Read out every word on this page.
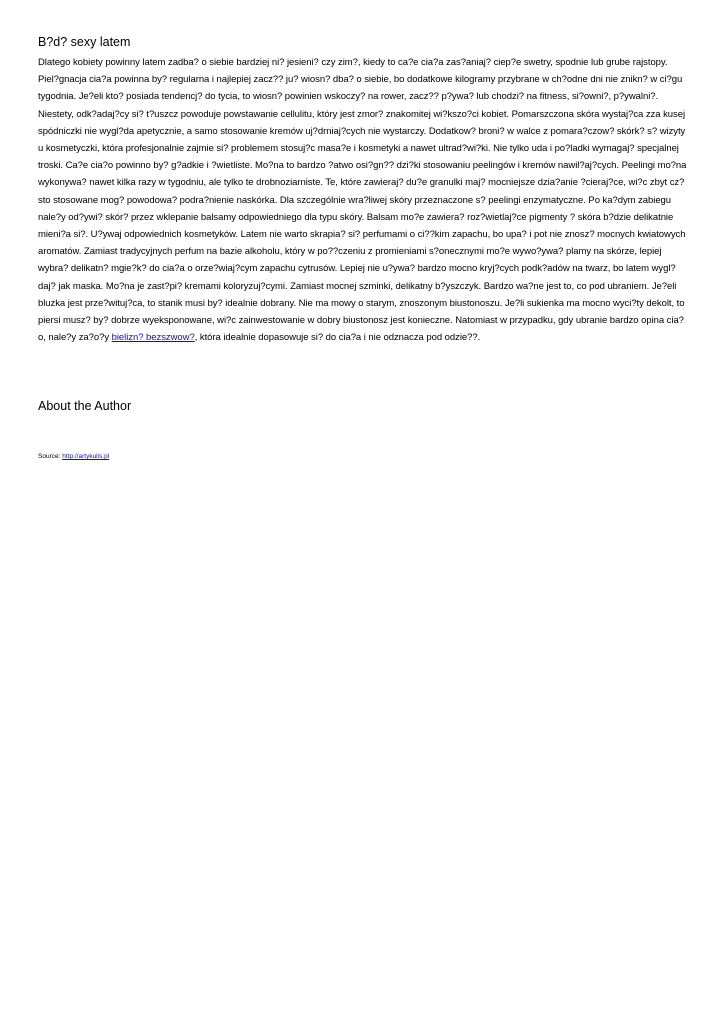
B?d? sexy latem

Dlatego kobiety powinny latem zadba? o siebie bardziej ni? jesieni? czy zim?, kiedy to ca?e cia?a zas?aniaj? ciep?e swetry, spodnie lub grube rajstopy. Piel?gnacja cia?a powinna by? regularna i najlepiej zacz?? ju? wiosn? dba? o siebie, bo dodatkowe kilogramy przybrane w ch?odne dni nie znikn? w ci?gu tygodnia. Je?eli kto? posiada tendencj? do tycia, to wiosn? powinien wskoczy? na rower, zacz?? p?ywa? lub chodzi? na fitness, si?owni?, p?ywalni?. Niestety, odk?adaj?cy si? t?uszcz powoduje powstawanie cellulitu, który jest zmor? znakomitej wi?kszo?ci kobiet. Pomarszczona skóra wystaj?ca zza kusej spódniczki nie wygl?da apetycznie, a samo stosowanie kremów uj?drniaj?cych nie wystarczy. Dodatkow? broni? w walce z pomara?czow? skórk? s? wizyty u kosmetyczki, która profesjonalnie zajmie si? problemem stosuj?c masa?e i kosmetyki a nawet ultrad?wi?ki. Nie tylko uda i po?ladki wymagaj? specjalnej troski. Ca?e cia?o powinno by? g?adkie i ?wietliste. Mo?na to bardzo ?atwo osi?gn?? dzi?ki stosowaniu peelingów i kremów nawil?aj?cych. Peelingi mo?na wykonywa? nawet kilka razy w tygodniu, ale tylko te drobnoziarniste. Te, które zawieraj? du?e granulki maj? mocniejsze dzia?anie ?cieraj?ce, wi?c zbyt cz?sto stosowane mog? powodowa? podra?nienie naskórka. Dla szczególnie wra?liwej skóry przeznaczone s? peelingi enzymatyczne. Po ka?dym zabiegu nale?y od?ywi? skór? przez wklepanie balsamy odpowiedniego dla typu skóry. Balsam mo?e zawiera? roz?wietlaj?ce pigmenty ? skóra b?dzie delikatnie mieni?a si?. U?ywaj odpowiednich kosmetyków. Latem nie warto skrapia? si? perfumami o ci??kim zapachu, bo upa? i pot nie znosz? mocnych kwiatowych aromatów. Zamiast tradycyjnych perfum na bazie alkoholu, który w po??czeniu z promieniami s?onecznymi mo?e wywo?ywa? plamy na skórze, lepiej wybra? delikatn? mgie?k? do cia?a o orze?wiaj?cym zapachu cytrusów. Lepiej nie u?ywa? bardzo mocno kryj?cych podk?adów na twarz, bo latem wygl?daj? jak maska. Mo?na je zast?pi? kremami koloryzuj?cymi. Zamiast mocnej szminki, delikatny b?yszczyk. Bardzo wa?ne jest to, co pod ubraniem. Je?eli bluzka jest prze?wituj?ca, to stanik musi by? idealnie dobrany. Nie ma mowy o starym, znoszonym biustonoszu. Je?li sukienka ma mocno wyci?ty dekolt, to piersi musz? by? dobrze wyeksponowane, wi?c zainwestowanie w dobry biustonosz jest konieczne. Natomiast w przypadku, gdy ubranie bardzo opina cia?o, nale?y za?o?y bielizn? bezszwow?, która idealnie dopasowuje si? do cia?a i nie odznacza pod odzie??.

About the Author
Source: http://artykulis.pl
